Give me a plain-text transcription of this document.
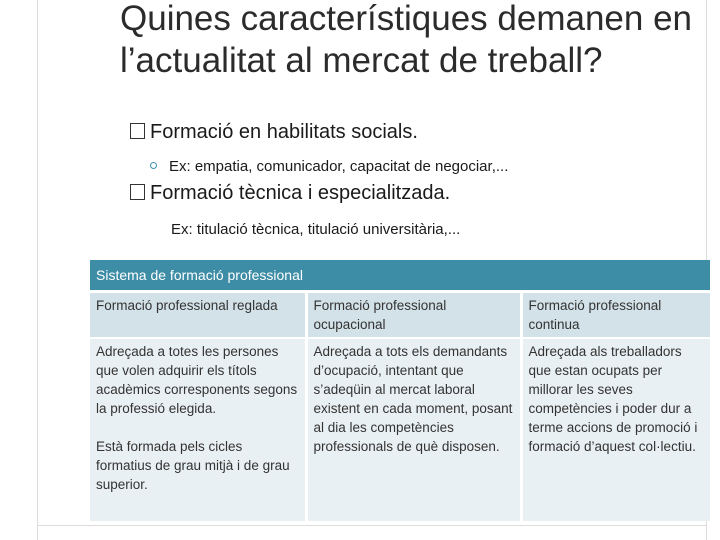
Quines característiques demanen en l’actualitat al mercat de treball?
Formació en habilitats socials.
Ex: empatia, comunicador, capacitat de negociar,...
Formació tècnica i especialitzada.
Ex: titulació tècnica, titulació universitària,...
Sistema de formació professional		
Formació professional reglada	Formació professional ocupacional	Formació professional continua

Adreçada a totes les persones que volen adquirir els títols acadèmics corresponents segons la professió elegida.
Està formada pels cicles formatius de grau mitjà i de grau superior.	Adreçada a tots els demandants d’ocupació, intentant que s’adeqüin al mercat laboral existent en cada moment, posant al dia les competències professionals de què disposen.	Adreçada als treballadors que estan ocupats per millorar les seves competències i poder dur a terme accions de promoció i formació d’aquest col·lectiu.
